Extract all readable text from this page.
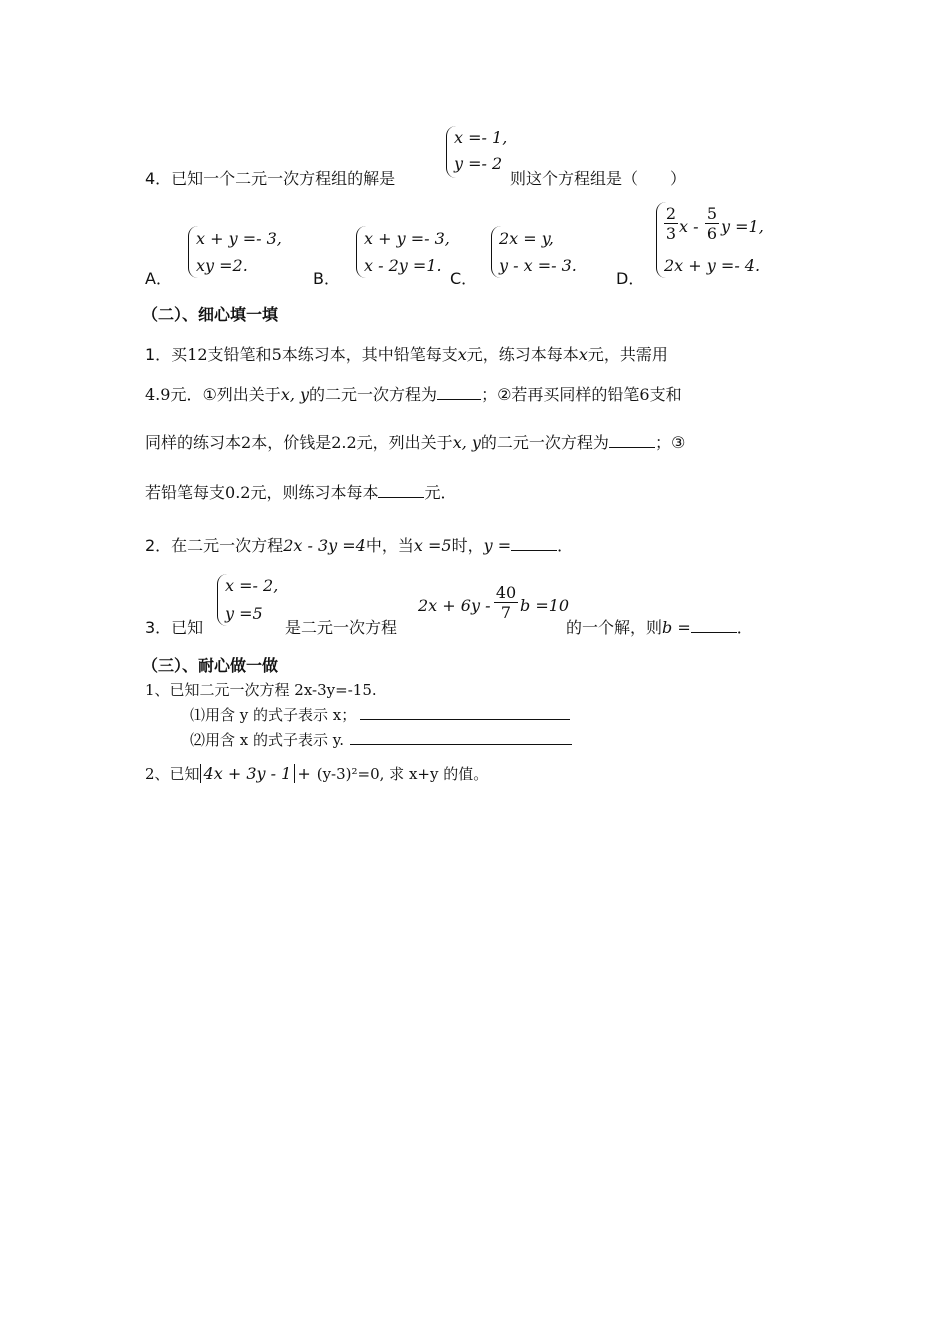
x =- 1,
y =- 2
4．已知一个二元一次方程组的解是	则这个方程组是（　　）
A．
x + y =- 3,
xy =2.
B．
x + y =- 3,
x - 2y =1.
C．
2x = y,
y - x =- 3.
D．
$\frac{2}{3}$ x - $\frac{5}{6}$ y =1,
2x + y =- 4.
（二）、细心填一填
1．买12支铅笔和5本练习本，其中铅笔每支x元，练习本每本x元，共需用
4.9元．①列出关于x, y的二元一次方程为	；②若再买同样的铅笔6支和
同样的练习本2本，价钱是2.2元，列出关于x, y的二元一次方程为	；③
若铅笔每支0.2元，则练习本每本	元．
2．在二元一次方程2x - 3y =4中，当x =5时，y =	．
3．已知
x =- 2,
y =5
是二元一次方程
$2x + 6y - \frac{40}{7}$ b =10
的一个解，则b =	．
（三）、耐心做一做
1、已知二元一次方程 2x-3y=-15.
⑴用含 y 的式子表示 x；
⑵用含 x 的式子表示 y.
2、已知 4x + 3y - 1 + (y-3)²=0, 求 x+y 的值。
